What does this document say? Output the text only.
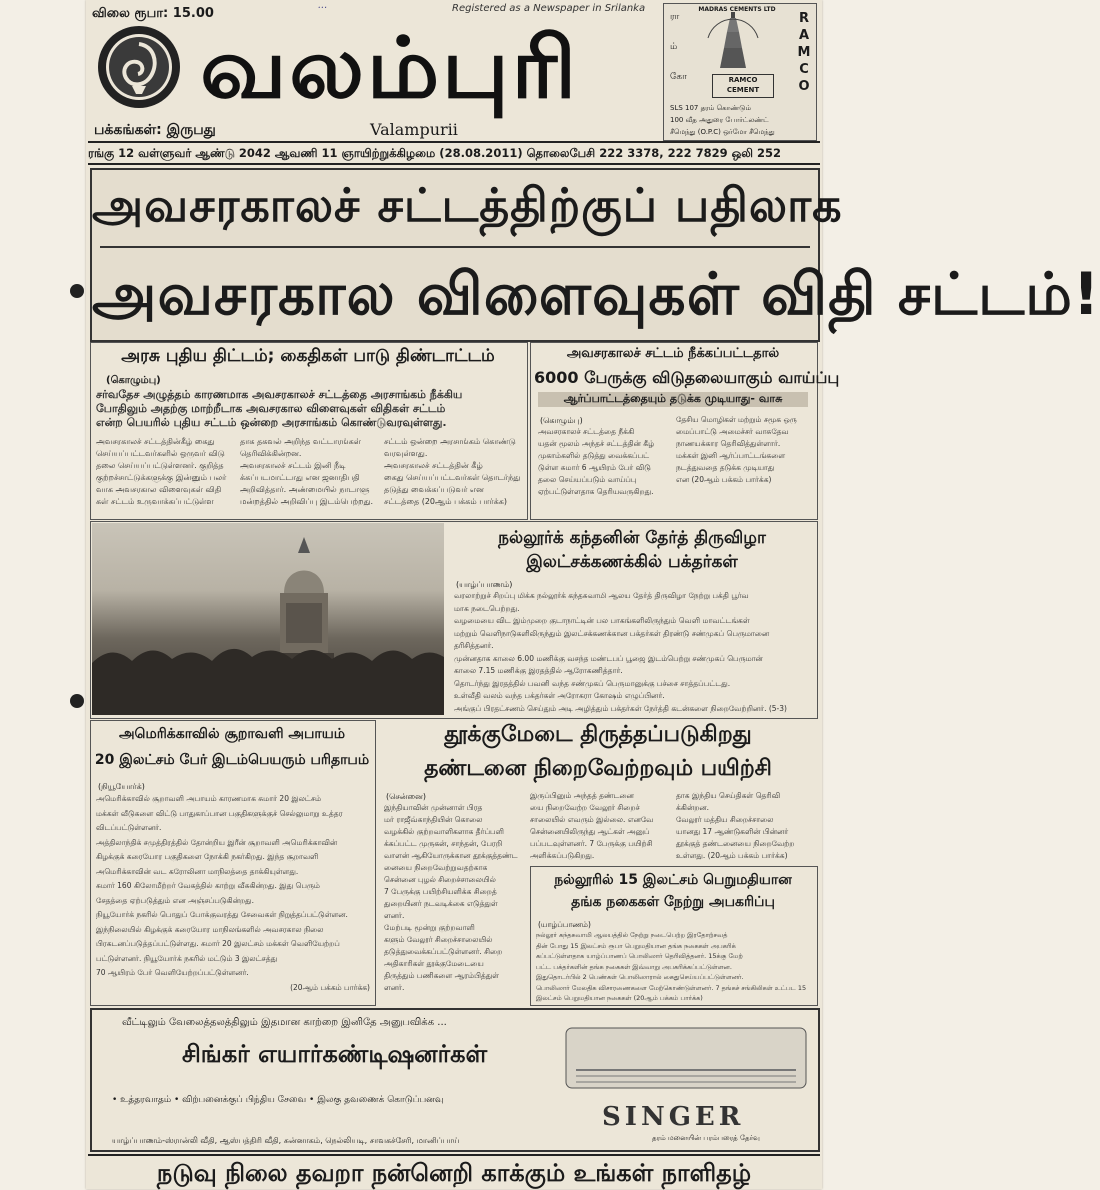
விலை ரூபா: 15.00
...	Registered as a Newspaper in Srilanka
வலம்புரி
பக்கங்கள்: இருபது	Valampurii
R
A
M
C
O
ரா
ம்
கோ
MADRAS CEMENTS LTD
RAMCO CEMENT
SLS 107 தரம் கொண்டும்
100 வீத அதுரை போர்ட்லண்ட்
சீமெந்து (O.P.C) ஒர்மோ சீமெந்து
ரங்கு 12 வள்ளுவர் ஆண்டு 2042 ஆவணி 11 ஞாயிற்றுக்கிழமை (28.08.2011) தொலைபேசி 222 3378, 222 7829 ஒலி 252
அவசரகாலச் சட்டத்திற்குப் பதிலாக
அவசரகால விளைவுகள் விதி சட்டம்!
அரசு புதிய திட்டம்; கைதிகள் பாடு திண்டாட்டம்
(கொழும்பு)
சர்வதேச அழுத்தம் காரணமாக அவசரகாலச் சட்டத்தை அரசாங்கம் நீக்கிய
போதிலும் அதற்கு மாற்றீடாக அவசரகால விளைவுகள் விதிகள் சட்டம்
என்ற பெயரில் புதிய சட்டம் ஒன்றை அரசாங்கம் கொண்டுவரவுள்ளது.
அவசரகாலச் சட்டத்தின்கீழ் கைது
செய்யப்பட்டவர்களில் ஒருவர் விடு
தலை செய்யப்பட்டுள்ளனர். குறித்த
குற்றச்சாட்டுக்களுக்கு இன்னும் பலர்
வாக அவசரகால விளைவுகள் விதி
கள் சட்டம் உருவாக்கப்பட்டுள்ள
தாக தகவல் அறிந்த வட்டாரங்கள்
தெரிவிக்கின்றன.
அவசரகாலச் சட்டம் இனி நீடி
க்கப்படமாட்டாது என ஜனாதிபதி
அறிவித்தார். அண்மையில் நாடாளு
மன்றத்தில் அறிவிப்பு இடம்பெற்றது.
சட்டம் ஒன்றை அரசாங்கம் கொண்டு
வரவுள்ளது.
அவசரகாலச் சட்டத்தின் கீழ்
கைது செய்யப்பட்டவர்கள் தொடர்ந்து
தடுத்து வைக்கப்படுவர் என
சட்டத்தை (20ஆம் பக்கம் பார்க்க)
அவசரகாலச் சட்டம் நீக்கப்பட்டதால்
6000 பேருக்கு விடுதலையாகும் வாய்ப்பு
ஆர்ப்பாட்டத்தையும் தடுக்க முடியாது- வாசு
(கொழும்பு)
அவசரகாலச் சட்டத்தை நீக்கி
யதன் மூலம் அந்தச் சட்டத்தின் கீழ்
முகாம்களில் தடுத்து வைக்கப்பட்
டுள்ள சுமார் 6 ஆயிரம் பேர் விடு
தலை செய்யப்படும் வாய்ப்பு
ஏற்பட்டுள்ளதாக தெரியவருகிறது.
தேசிய மொழிகள் மற்றும் சமூக ஒரு
மைப்பாட்டு அமைச்சர் வாசுதேவ
நாணயக்கார தெரிவித்துள்ளார்.
மக்கள் இனி ஆர்ப்பாட்டங்களை
நடத்துவதை தடுக்க முடியாது
என (20ஆம் பக்கம் பார்க்க)
நல்லூர்க் கந்தனின் தேர்த் திருவிழா
இலட்சக்கணக்கில் பக்தர்கள்
(யாழ்ப்பாணம்)
வரலாற்றுச் சிறப்பு மிக்க நல்லூர்க் கந்தசுவாமி ஆலய தேர்த் திருவிழா நேற்று பக்தி பூர்வ
மாக நடைபெற்றது.
வழமையை விட இம்முறை குடாநாட்டின் பல பாகங்களிலிருந்தும் வெளி மாவட்டங்கள்
மற்றும் வெளிநாடுகளிலிருந்தும் இலட்சக்கணக்கான பக்தர்கள் திரண்டு சண்முகப் பெருமானை
தரிசித்தனர்.
முன்னதாக காலை 6.00 மணிக்கு வசந்த மண்டபப் பூஜை இடம்பெற்று சண்முகப் பெருமான்
காலை 7.15 மணிக்கு இரதத்தில் ஆரோகணித்தார்.
தொடர்ந்து இரதத்தில் பவனி வந்த சண்முகப் பெருமானுக்கு பச்சை சாத்தப்பட்டது.
உள்வீதி வலம் வந்த பக்தர்கள் அரோகரா கோஷம் எழுப்பினர்.
அங்குப் பிரதட்சணம் செய்தும் அடி அழித்தும் பக்தர்கள் நேர்த்தி கடன்களை நிறைவேற்றினர். (5-3)
அமெரிக்காவில் சூறாவளி அபாயம்
20 இலட்சம் பேர் இடம்பெயரும் பரிதாபம்
(நியூயோர்க்)
அமெரிக்காவில் சூறாவளி அபாயம் காரணமாக சுமார் 20 இலட்சம்
மக்கள் வீடுகளை விட்டு பாதுகாப்பான பகுதிகளுக்குச் செல்லுமாறு உத்தர
விடப்பட்டுள்ளனர்.
அத்திலாந்திக் சமுத்திரத்தில் தோன்றிய இரீன் சூறாவளி அமெரிக்காவின்
கிழக்குக் கரையோர பகுதிகளை நோக்கி நகர்கிறது. இந்த சூறாவளி
அமெரிக்காவின் வட கரோலினா மாநிலத்தை தாக்கியுள்ளது.
சுமார் 160 கிலோமீற்றர் வேகத்தில் காற்று வீசுகின்றது. இது பெரும்
சேதத்தை ஏற்படுத்தும் என அஞ்சப்படுகின்றது.
நியூயோர்க் நகரில் பொதுப் போக்குவரத்து சேவைகள் நிறுத்தப்பட்டுள்ளன.
இந்நிலையில் கிழக்குக் கரையோர மாநிலங்களில் அவசரகால நிலை
பிரகடனப்படுத்தப்பட்டுள்ளது. சுமார் 20 இலட்சம் மக்கள் வெளியேற்றப்
பட்டுள்ளனர். நியூயோர்க் நகரில் மட்டும் 3 இலட்சத்து
70 ஆயிரம் பேர் வெளியேற்றப்பட்டுள்ளனர்.
(20ஆம் பக்கம் பார்க்க)
தூக்குமேடை திருத்தப்படுகிறது
தண்டனை நிறைவேற்றவும் பயிற்சி
(சென்னை)
இந்தியாவின் முன்னாள் பிரத
மர் ராஜீவ்காந்தியின் கொலை
வழக்கில் குற்றவாளிகளாக தீர்ப்பளி
க்கப்பட்ட முருகன், சாந்தன், பேரறி
வாளன் ஆகியோருக்கான தூக்குத்தண்ட
னையை நிறைவேற்றுவதற்காக
சென்னை புழல் சிறைச்சாலையில்
7 பேருக்கு பயிற்சியளிக்க சிறைத்
துறையினர் நடவடிக்கை எடுத்துள்
ளனர்.
மேற்படி மூன்று குற்றவாளி
களும் வேலூர் சிறைச்சாலையில்
தடுத்துவைக்கப்பட்டுள்ளனர். சிறை
அதிகாரிகள் தூக்குமேடையை
திருத்தும் பணிகளை ஆரம்பித்துள்
ளனர்.
இருப்பினும் அந்தத் தண்டனை
யை நிறைவேற்ற வேலூர் சிறைச்
சாலையில் எவரும் இல்லை. எனவே
சென்னையிலிருந்து ஆட்கள் அனுப்
பப்படவுள்ளனர். 7 பேருக்கு பயிற்சி
அளிக்கப்படுகிறது.
தாக இந்திய செய்திகள் தெரிவி
க்கின்றன.
வேலூர் மத்திய சிறைச்சாலை
யானது 17 ஆண்டுகளின் பின்னர்
தூக்குத் தண்டனையை நிறைவேற்ற
உள்ளது. (20ஆம் பக்கம் பார்க்க)
நல்லூரில் 15 இலட்சம் பெறுமதியான
தங்க நகைகள் நேற்று அபகரிப்பு
(யாழ்ப்பாணம்)
நல்லூர் கந்தசுவாமி ஆலயத்தில் நேற்று நடைபெற்ற இரதோற்சவத்
தின் போது 15 இலட்சம் ரூபா பெறுமதியான தங்க நகைகள் அபகரிக்
கப்பட்டுள்ளதாக யாழ்ப்பாணப் பொலிஸார் தெரிவித்தனர். 15க்கு மேற்
பட்ட பக்தர்களின் தங்க நகைகள் இவ்வாறு அபகரிக்கப்பட்டுள்ளன.
இதுதொடர்பில் 2 பெண்கள் பொலிஸாரால் கைதுசெய்யப்பட்டுள்ளனர்.
பொலிஸார் மேலதிக விசாரணைகளை மேற்கொண்டுள்ளனர். 7 தங்கச் சங்கிலிகள் உட்பட 15
இலட்சம் பெறுமதியான நகைகள் (20ஆம் பக்கம் பார்க்க)
வீட்டிலும் வேலைத்தலத்திலும் இதமான காற்றை இனிதே அனுபவிக்க ...
சிங்கர் எயார்கண்டிஷனர்கள்
• உத்தரவாதம் • விற்பனைக்குப் பிந்திய சேவை • இலகு தவணைக் கொடுப்பனவு
SINGER
தரம் மனையின் பரம்பரைத் தேர்வு
யாழ்ப்பாணம்-ஸ்ரான்லி வீதி, ஆஸ்பத்திரி வீதி, சுன்னாகம், நெல்லியடி, சாவகச்சேரி, மானிப்பாய்
நடுவு நிலை தவறா நன்னெறி காக்கும் உங்கள் நாளிதழ்
